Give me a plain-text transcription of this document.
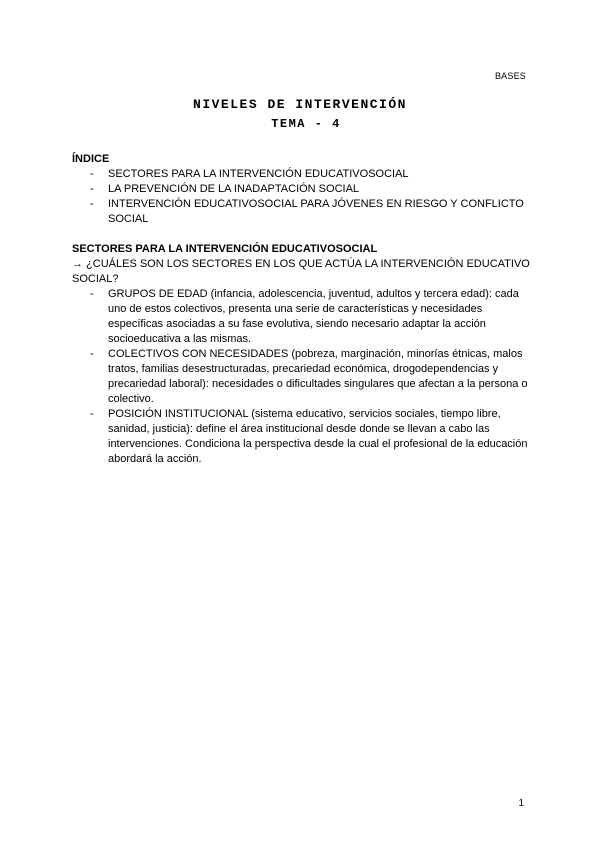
BASES
NIVELES DE INTERVENCIÓN
TEMA - 4
ÍNDICE
- SECTORES PARA LA INTERVENCIÓN EDUCATIVOSOCIAL
- LA PREVENCIÓN DE LA INADAPTACIÓN SOCIAL
- INTERVENCIÓN EDUCATIVOSOCIAL PARA JÓVENES EN RIESGO Y CONFLICTO SOCIAL
SECTORES PARA LA INTERVENCIÓN EDUCATIVOSOCIAL
→ ¿CUÁLES SON LOS SECTORES EN LOS QUE ACTÚA LA INTERVENCIÓN EDUCATIVO SOCIAL?
- GRUPOS DE EDAD (infancia, adolescencia, juventud, adultos y tercera edad): cada uno de estos colectivos, presenta una serie de características y necesidades específicas asociadas a su fase evolutiva, siendo necesario adaptar la acción socioeducativa a las mismas.
- COLECTIVOS CON NECESIDADES (pobreza, marginación, minorías étnicas, malos tratos, familias desestructuradas, precariedad económica, drogodependencias y precariedad laboral): necesidades o dificultades singulares que afectan a la persona o colectivo.
- POSICIÓN INSTITUCIONAL (sistema educativo, servicios sociales, tiempo libre, sanidad, justicia): define el área institucional desde donde se llevan a cabo las intervenciones. Condiciona la perspectiva desde la cual el profesional de la educación abordará la acción.
1
